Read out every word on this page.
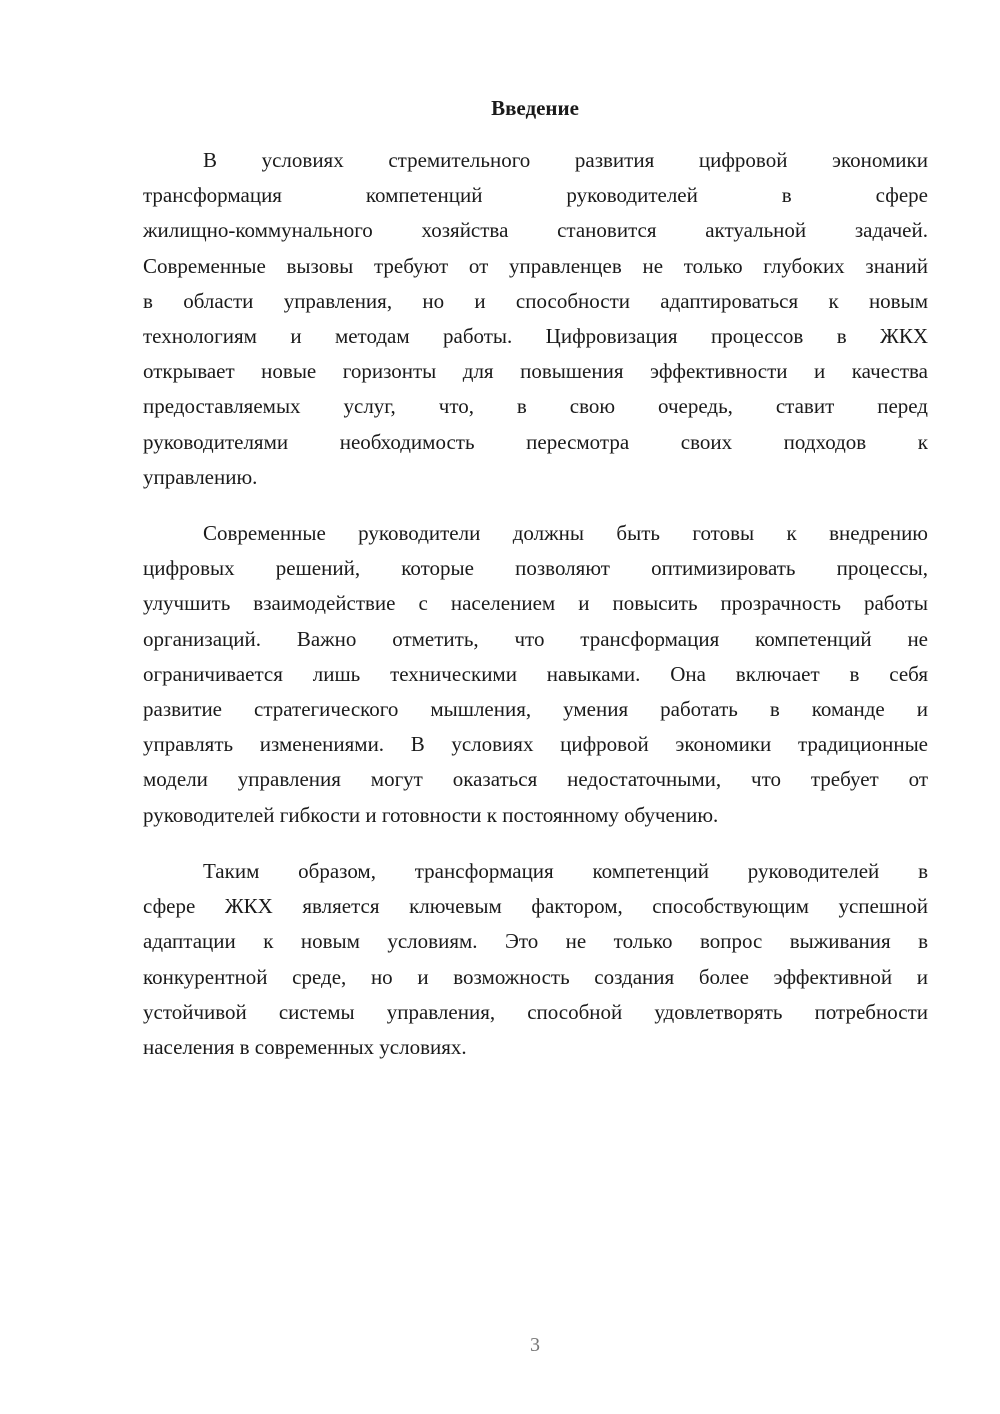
Введение
В условиях стремительного развития цифровой экономики
трансформация компетенций руководителей в сфере
жилищно-коммунального хозяйства становится актуальной задачей.
Современные вызовы требуют от управленцев не только глубоких знаний
в области управления, но и способности адаптироваться к новым
технологиям и методам работы. Цифровизация процессов в ЖКХ
открывает новые горизонты для повышения эффективности и качества
предоставляемых услуг, что, в свою очередь, ставит перед
руководителями необходимость пересмотра своих подходов к
управлению.
Современные руководители должны быть готовы к внедрению
цифровых решений, которые позволяют оптимизировать процессы,
улучшить взаимодействие с населением и повысить прозрачность работы
организаций. Важно отметить, что трансформация компетенций не
ограничивается лишь техническими навыками. Она включает в себя
развитие стратегического мышления, умения работать в команде и
управлять изменениями. В условиях цифровой экономики традиционные
модели управления могут оказаться недостаточными, что требует от
руководителей гибкости и готовности к постоянному обучению.
Таким образом, трансформация компетенций руководителей в
сфере ЖКХ является ключевым фактором, способствующим успешной
адаптации к новым условиям. Это не только вопрос выживания в
конкурентной среде, но и возможность создания более эффективной и
устойчивой системы управления, способной удовлетворять потребности
населения в современных условиях.
3
